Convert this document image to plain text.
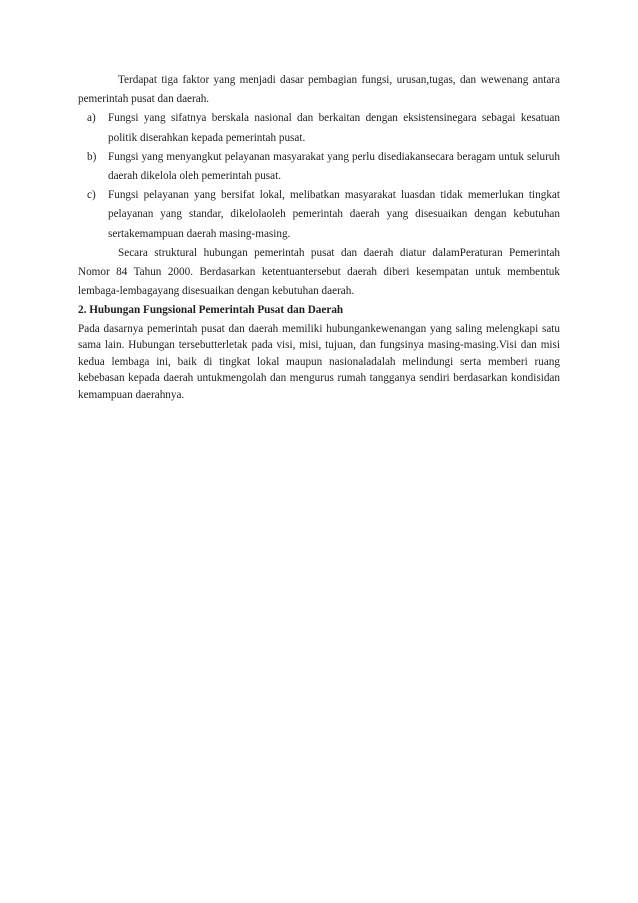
Terdapat tiga faktor yang menjadi dasar pembagian fungsi, urusan,tugas, dan wewenang antara pemerintah pusat dan daerah.

a) Fungsi yang sifatnya berskala nasional dan berkaitan dengan eksistensinegara sebagai kesatuan politik diserahkan kepada pemerintah pusat.
b) Fungsi yang menyangkut pelayanan masyarakat yang perlu disediakansecara beragam untuk seluruh daerah dikelola oleh pemerintah pusat.
c) Fungsi pelayanan yang bersifat lokal, melibatkan masyarakat luasdan tidak memerlukan tingkat pelayanan yang standar, dikelolaoleh pemerintah daerah yang disesuaikan dengan kebutuhan sertakemampuan daerah masing-masing.

Secara struktural hubungan pemerintah pusat dan daerah diatur dalamPeraturan Pemerintah Nomor 84 Tahun 2000. Berdasarkan ketentuantersebut daerah diberi kesempatan untuk membentuk lembaga-lembagayang disesuaikan dengan kebutuhan daerah.

2. Hubungan Fungsional Pemerintah Pusat dan Daerah

Pada dasarnya pemerintah pusat dan daerah memiliki hubungankewenangan yang saling melengkapi satu sama lain. Hubungan tersebutterletak pada visi, misi, tujuan, dan fungsinya masing-masing.Visi dan misi kedua lembaga ini, baik di tingkat lokal maupun nasionaladalah melindungi serta memberi ruang kebebasan kepada daerah untukmengolah dan mengurus rumah tangganya sendiri berdasarkan kondisidan kemampuan daerahnya.
